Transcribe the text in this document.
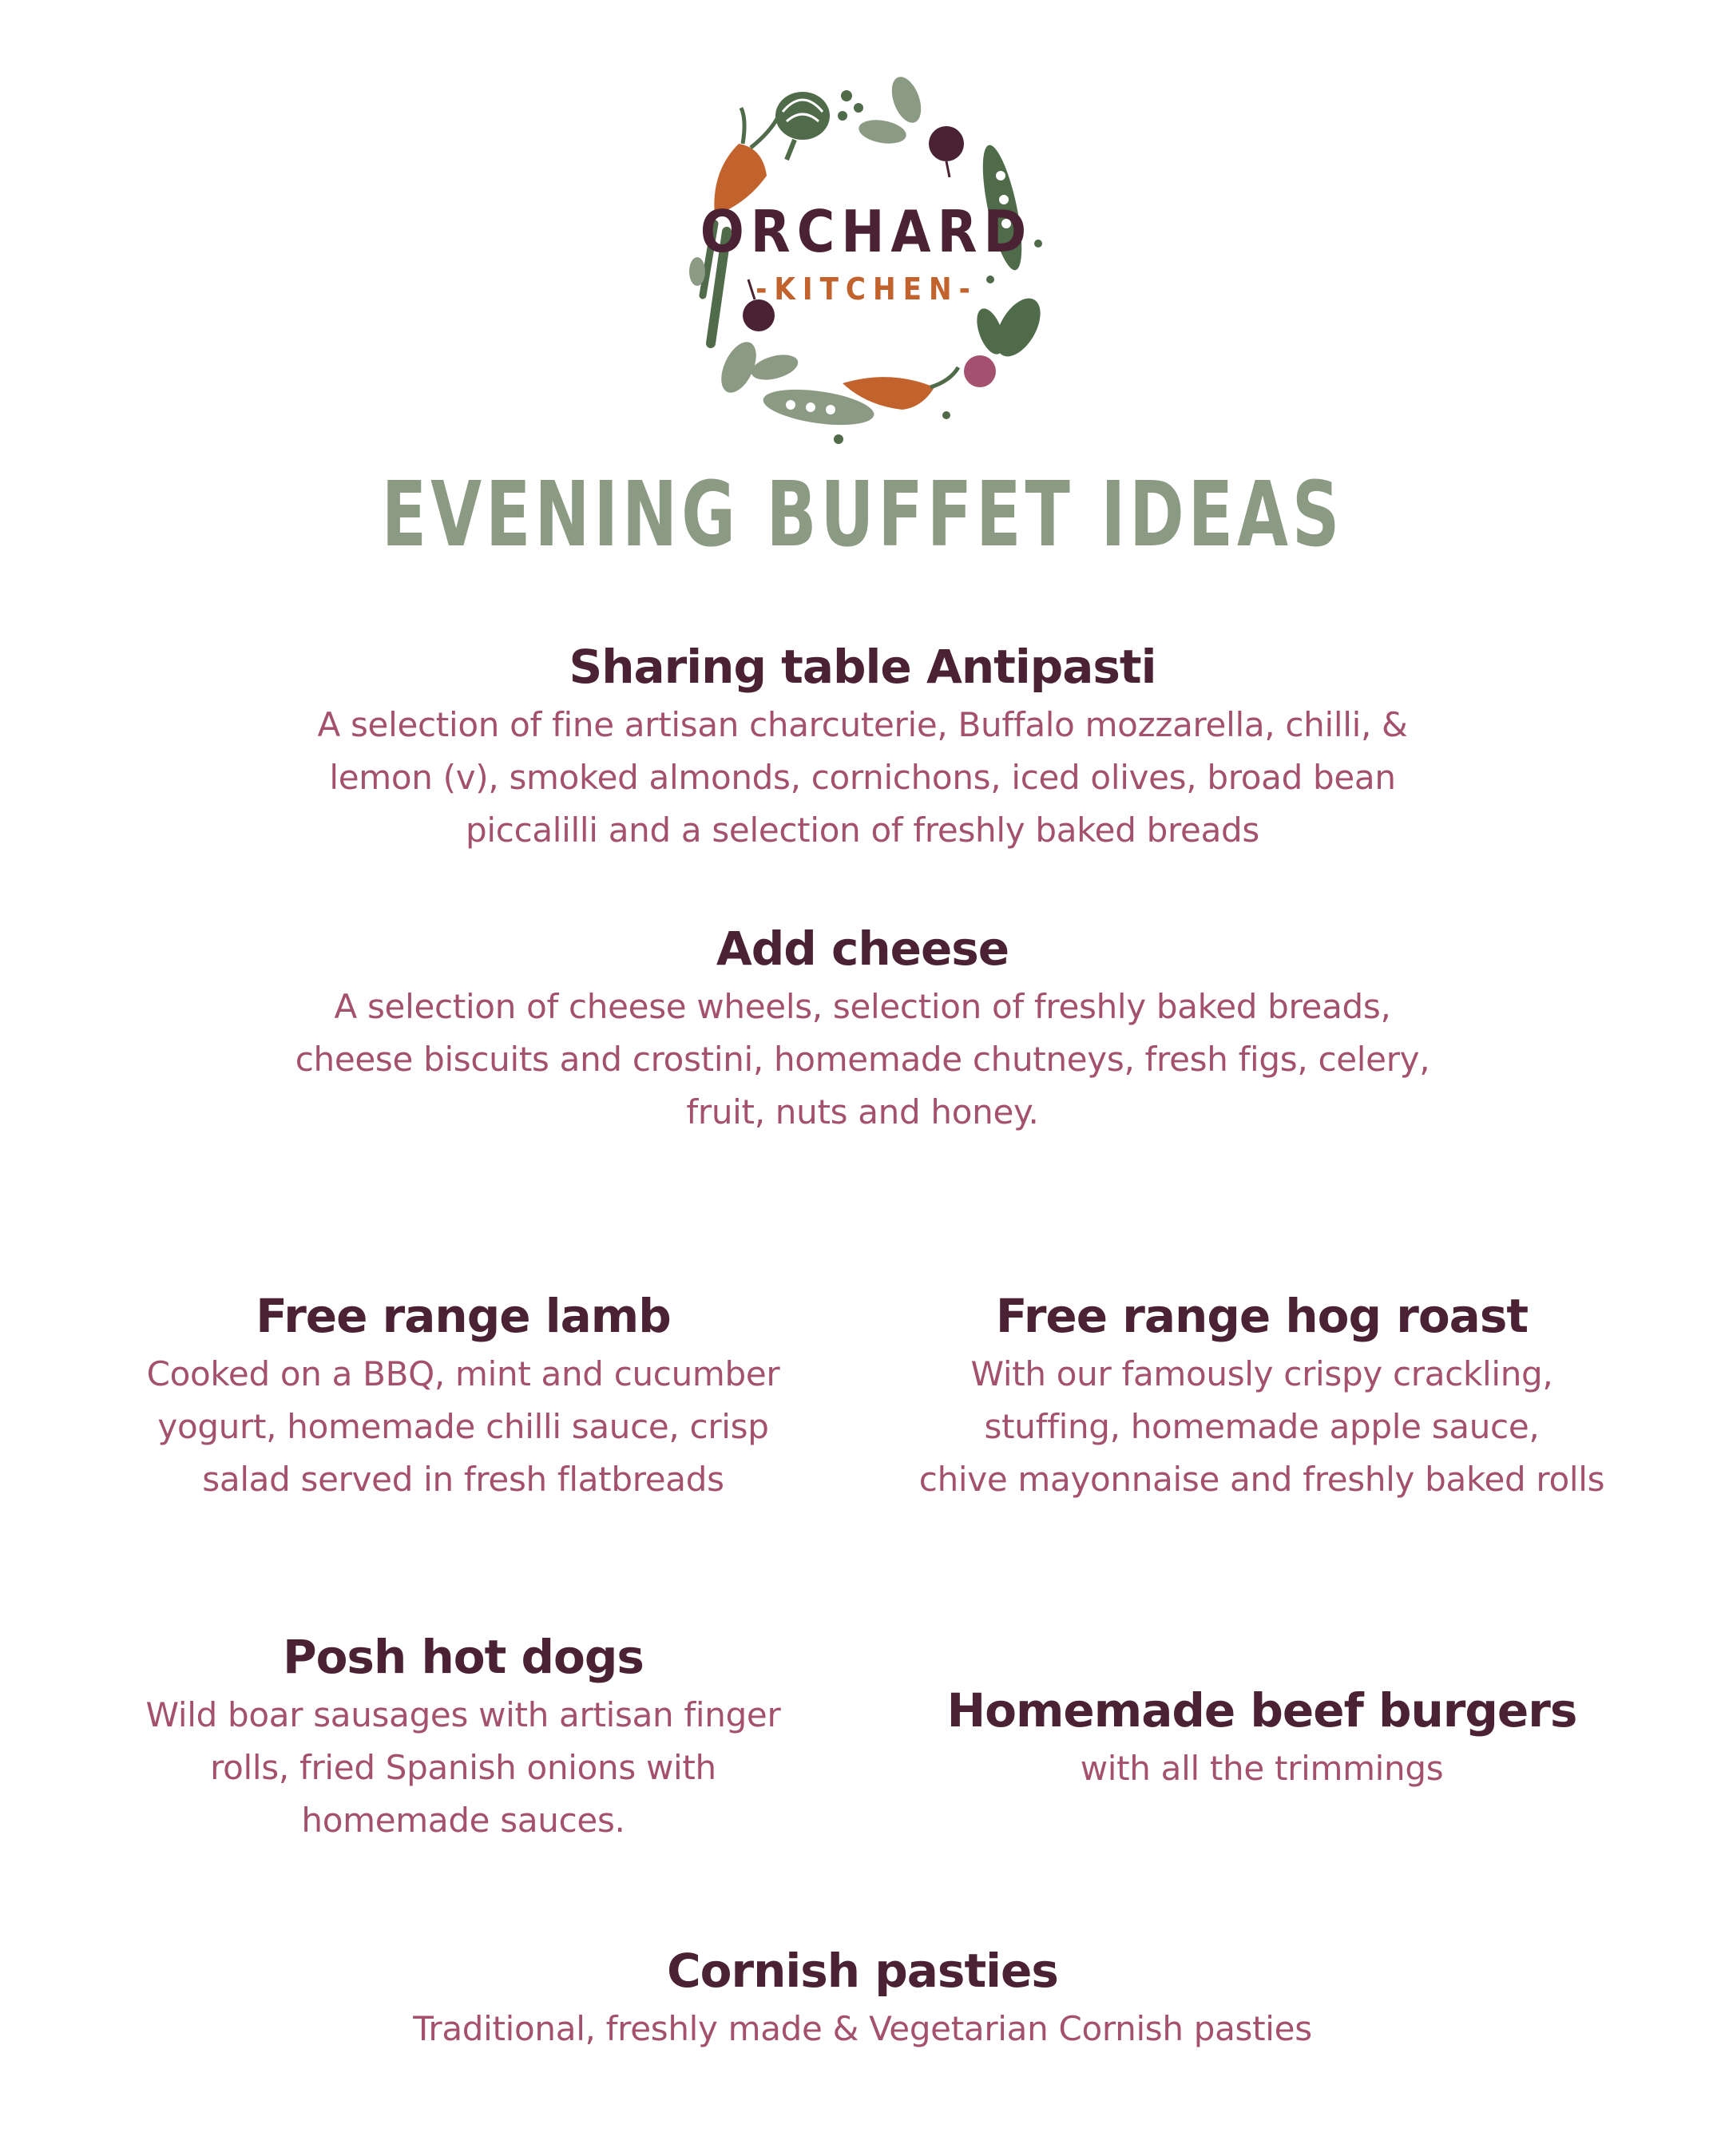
ORCHARD
-KITCHEN-
EVENING BUFFET IDEAS
Sharing table Antipasti

A selection of fine artisan charcuterie, Buffalo mozzarella, chilli, &
lemon (v), smoked almonds, cornichons, iced olives, broad bean
piccalilli and a selection of freshly baked breads

Add cheese

A selection of cheese wheels, selection of freshly baked breads,
cheese biscuits and crostini, homemade chutneys, fresh figs, celery,
fruit, nuts and honey.

Free range lamb

Cooked on a BBQ, mint and cucumber
yogurt, homemade chilli sauce, crisp
salad served in fresh flatbreads

Free range hog roast

With our famously crispy crackling,
stuffing, homemade apple sauce,
chive mayonnaise and freshly baked rolls

Posh hot dogs

Wild boar sausages with artisan finger
rolls, fried Spanish onions with
homemade sauces.

Homemade beef burgers

with all the trimmings

Cornish pasties

Traditional, freshly made & Vegetarian Cornish pasties
